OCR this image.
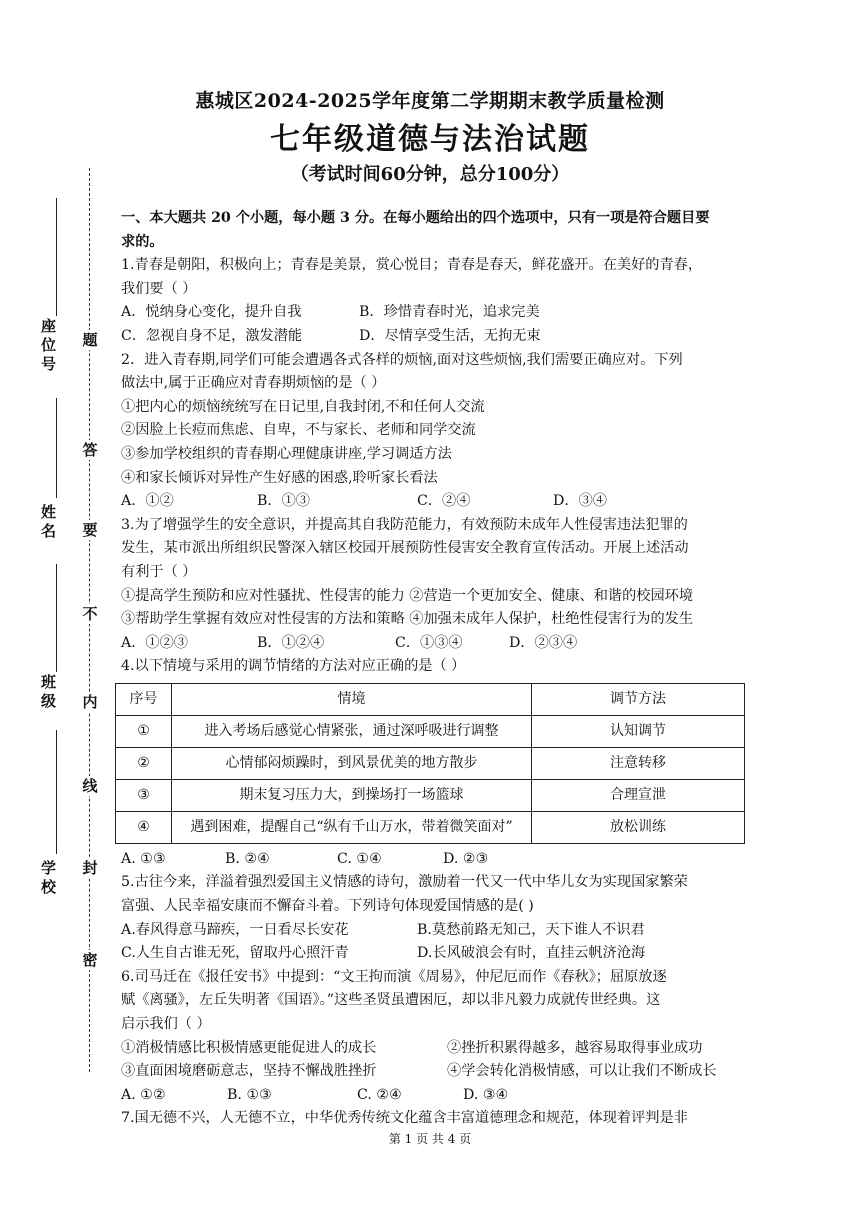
惠城区2024-2025学年度第二学期期末教学质量检测
七年级道德与法治试题
（考试时间60分钟，总分100分）
座位号
姓名
班级
学校
题
答
要
不
内
线
封
密

一、本大题共 20 个小题，每小题 3 分。在每小题给出的四个选项中，只有一项是符合题目要

求的。

1.青春是朝阳，积极向上；青春是美景，赏心悦目；青春是春天，鲜花盛开。在美好的青春，

我们要（ ）

A．悦纳身心变化，提升自我	B．珍惜青春时光，追求完美

C．忽视自身不足，激发潜能	D．尽情享受生活，无拘无束

2．进入青春期,同学们可能会遭遇各式各样的烦恼,面对这些烦恼,我们需要正确应对。下列

做法中,属于正确应对青春期烦恼的是（ ）

①把内心的烦恼统统写在日记里,自我封闭,不和任何人交流

②因脸上长痘而焦虑、自卑，不与家长、老师和同学交流

③参加学校组织的青春期心理健康讲座,学习调适方法

④和家长倾诉对异性产生好感的困惑,聆听家长看法

A．①②	B．①③	C．②④	D．③④

3.为了增强学生的安全意识，并提高其自我防范能力，有效预防未成年人性侵害违法犯罪的

发生，某市派出所组织民警深入辖区校园开展预防性侵害安全教育宣传活动。开展上述活动

有利于（ ）

①提高学生预防和应对性骚扰、性侵害的能力 ②营造一个更加安全、健康、和谐的校园环境

③帮助学生掌握有效应对性侵害的方法和策略 ④加强未成年人保护，杜绝性侵害行为的发生

A．①②③	B．①②④	C．①③④	D．②③④

4.以下情境与采用的调节情绪的方法对应正确的是（ ）

序号	情境	调节方法
①	进入考场后感觉心情紧张，通过深呼吸进行调整	认知调节
②	心情郁闷烦躁时，到风景优美的地方散步	注意转移
③	期末复习压力大，到操场打一场篮球	合理宣泄
④	遇到困难，提醒自己“纵有千山万水，带着微笑面对”	放松训练

A. ①③	B. ②④	C. ①④	D. ②③

5.古往今来，洋溢着强烈爱国主义情感的诗句，激励着一代又一代中华儿女为实现国家繁荣

富强、人民幸福安康而不懈奋斗着。下列诗句体现爱国情感的是( )

A.春风得意马蹄疾，一日看尽长安花	B.莫愁前路无知己，天下谁人不识君

C.人生自古谁无死，留取丹心照汗青	D.长风破浪会有时，直挂云帆济沧海

6.司马迁在《报任安书》中提到：“文王拘而演《周易》，仲尼厄而作《春秋》；屈原放逐

赋《离骚》，左丘失明著《国语》。”这些圣贤虽遭困厄，却以非凡毅力成就传世经典。这

启示我们（ ）

①消极情感比积极情感更能促进人的成长	②挫折积累得越多，越容易取得事业成功

③直面困境磨砺意志，坚持不懈战胜挫折	④学会转化消极情感，可以让我们不断成长

A. ①②	B. ①③	C. ②④	D. ③④

7.国无德不兴，人无德不立，中华优秀传统文化蕴含丰富道德理念和规范，体现着评判是非

第 1 页 共 4 页
